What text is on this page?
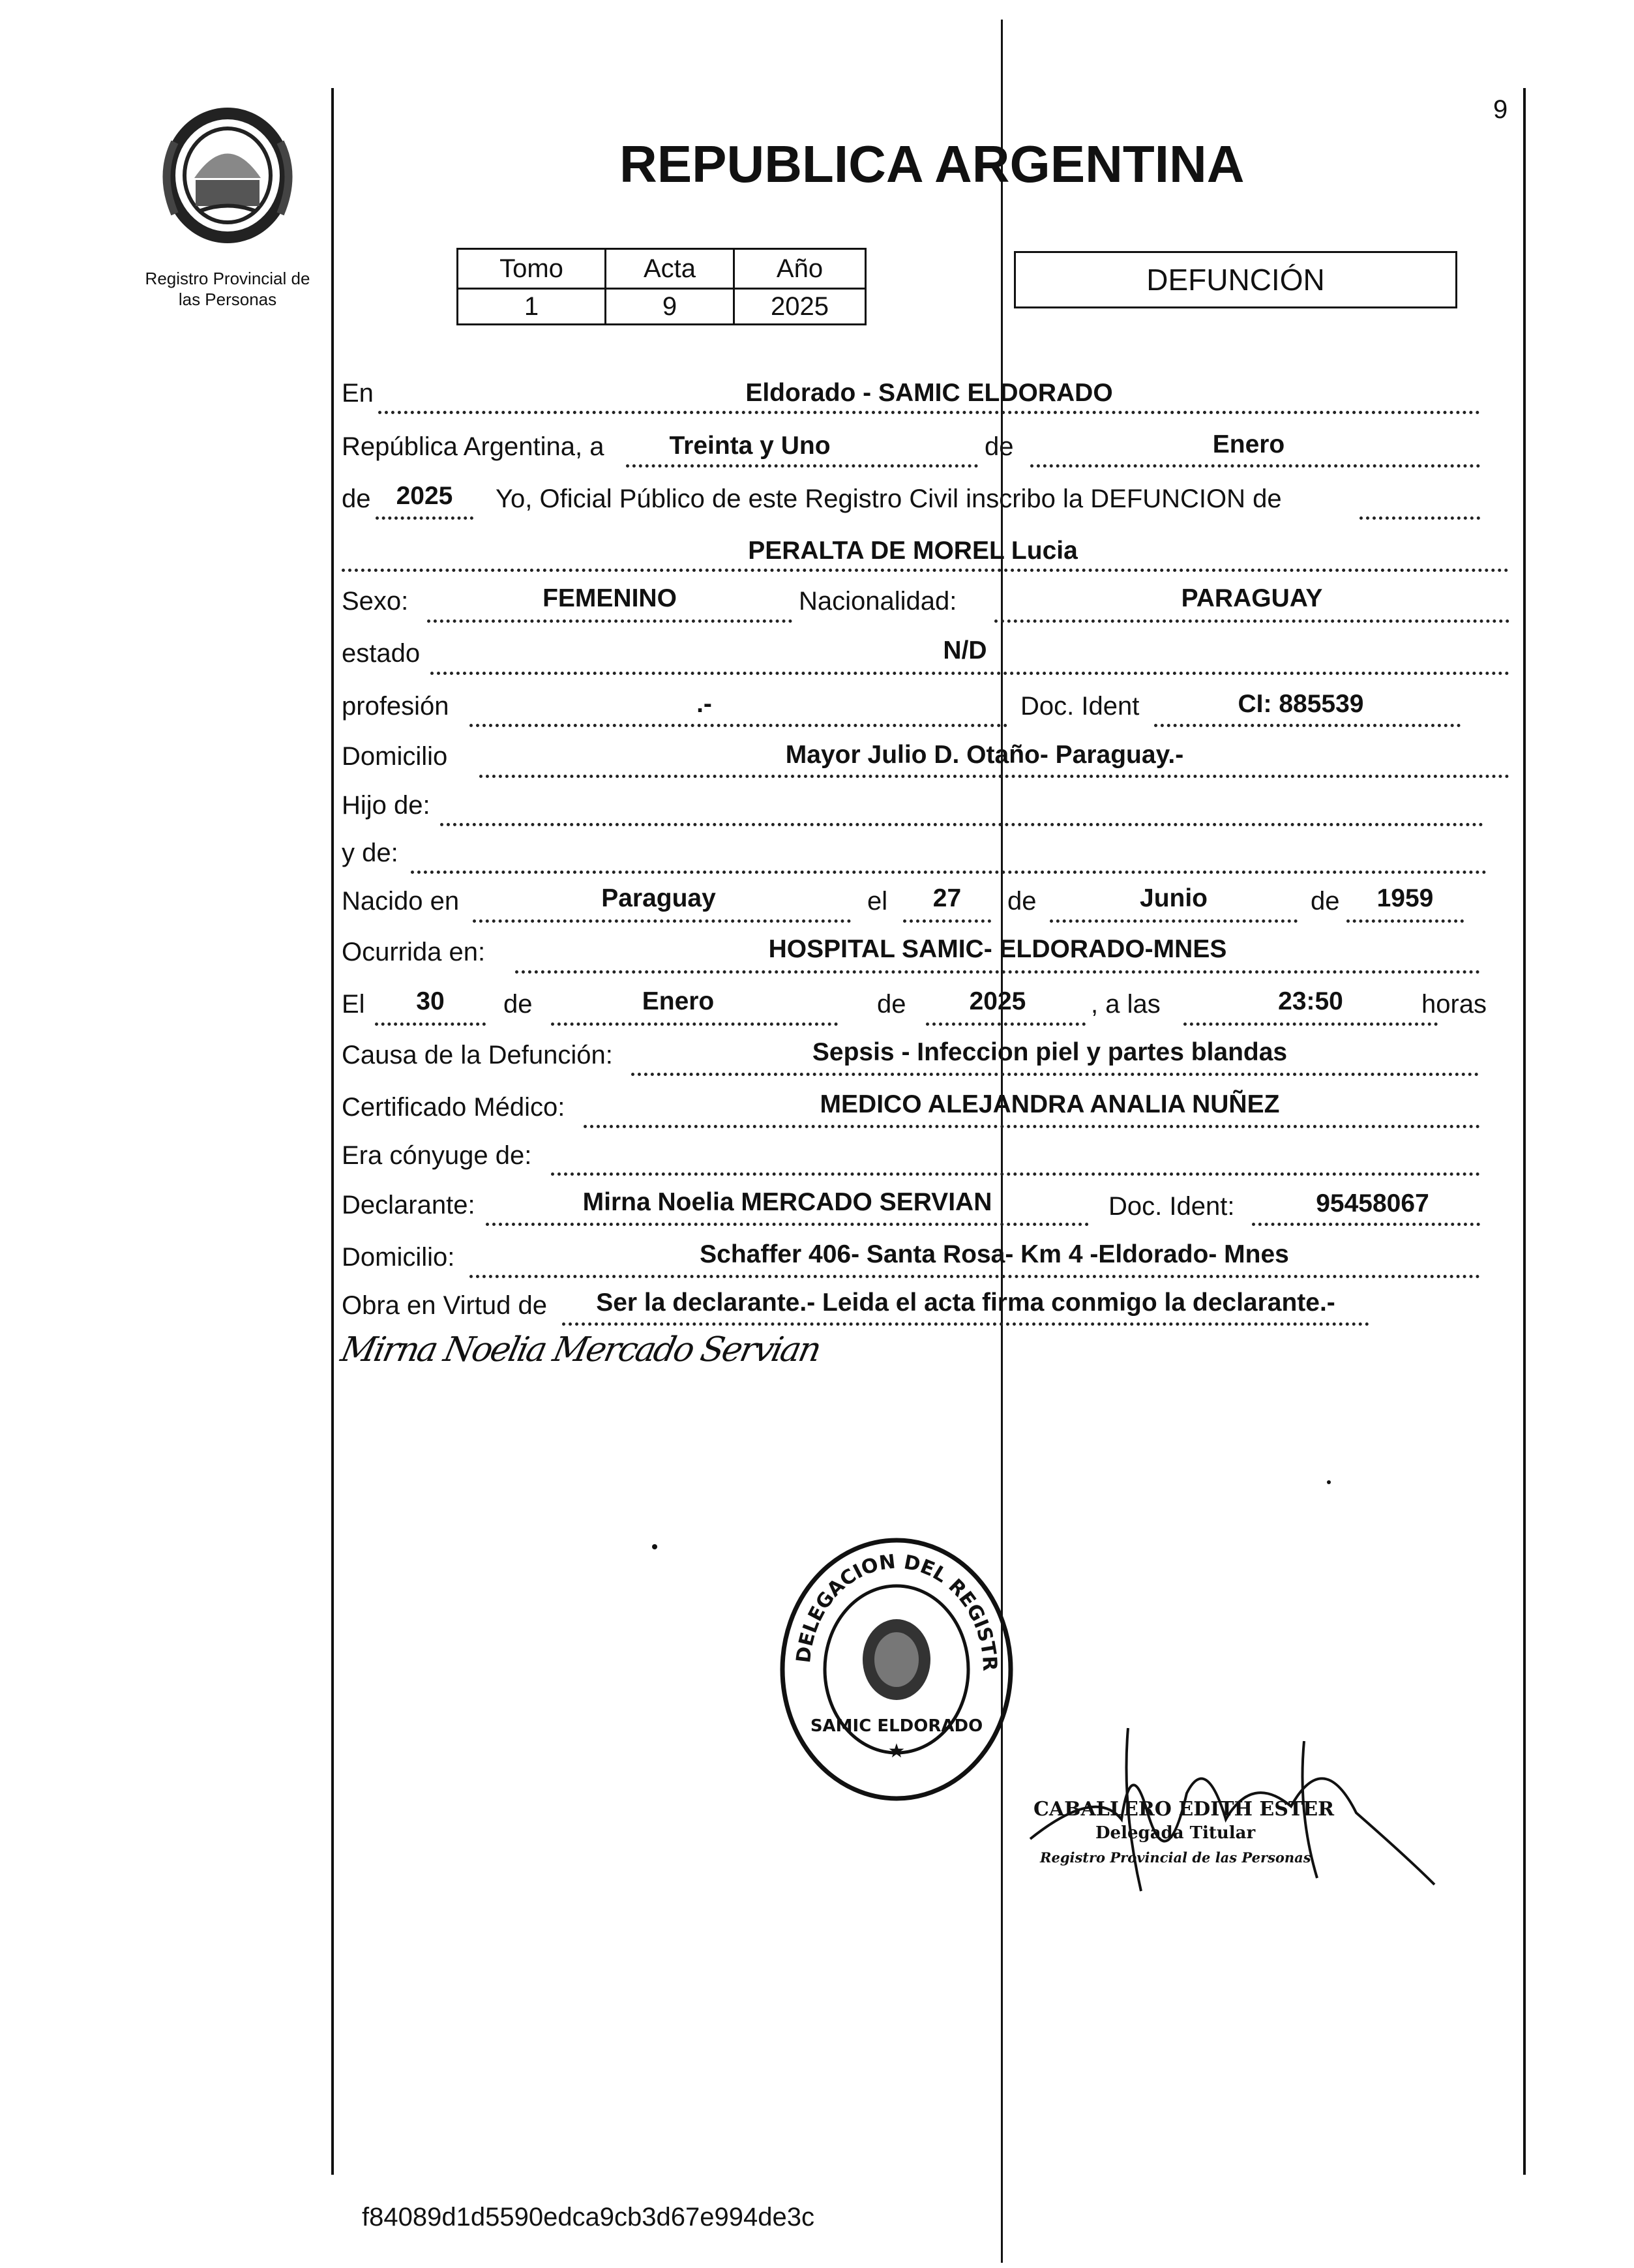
9
Registro Provincial de
las Personas
REPUBLICA ARGENTINA
Tomo	Acta	Año
1	9	2025
DEFUNCIÓN
En	Eldorado - SAMIC ELDORADO
República Argentina, a	Treinta y Uno	de	Enero
de	2025	Yo, Oficial Público de este Registro Civil inscribo la DEFUNCION de
PERALTA DE MOREL Lucia
Sexo:	FEMENINO	Nacionalidad:	PARAGUAY
estado	N/D
profesión	.-	Doc. Ident	CI: 885539
Domicilio	Mayor Julio D. Otaño- Paraguay.-
Hijo de:
y de:
Nacido en	Paraguay	el	27	de	Junio	de	1959
Ocurrida en:	HOSPITAL SAMIC- ELDORADO-MNES
El	30	de	Enero	de	2025	, a las	23:50	horas
Causa de la Defunción:	Sepsis - Infeccion piel y partes blandas
Certificado Médico:	MEDICO ALEJANDRA ANALIA NUÑEZ
Era cónyuge de:
Declarante:	Mirna Noelia MERCADO SERVIAN	Doc. Ident:	95458067
Domicilio:	Schaffer 406- Santa Rosa- Km 4 -Eldorado- Mnes
Obra en Virtud de	Ser la declarante.- Leida el acta firma conmigo la declarante.-
Mirna Noelia Mercado Servian
DELEGACION DEL REGISTR
SAMIC ELDORADO
★
CABALLERO EDITH ESTER
Delegada Titular
Registro Provincial de las Personas
f84089d1d5590edca9cb3d67e994de3c
